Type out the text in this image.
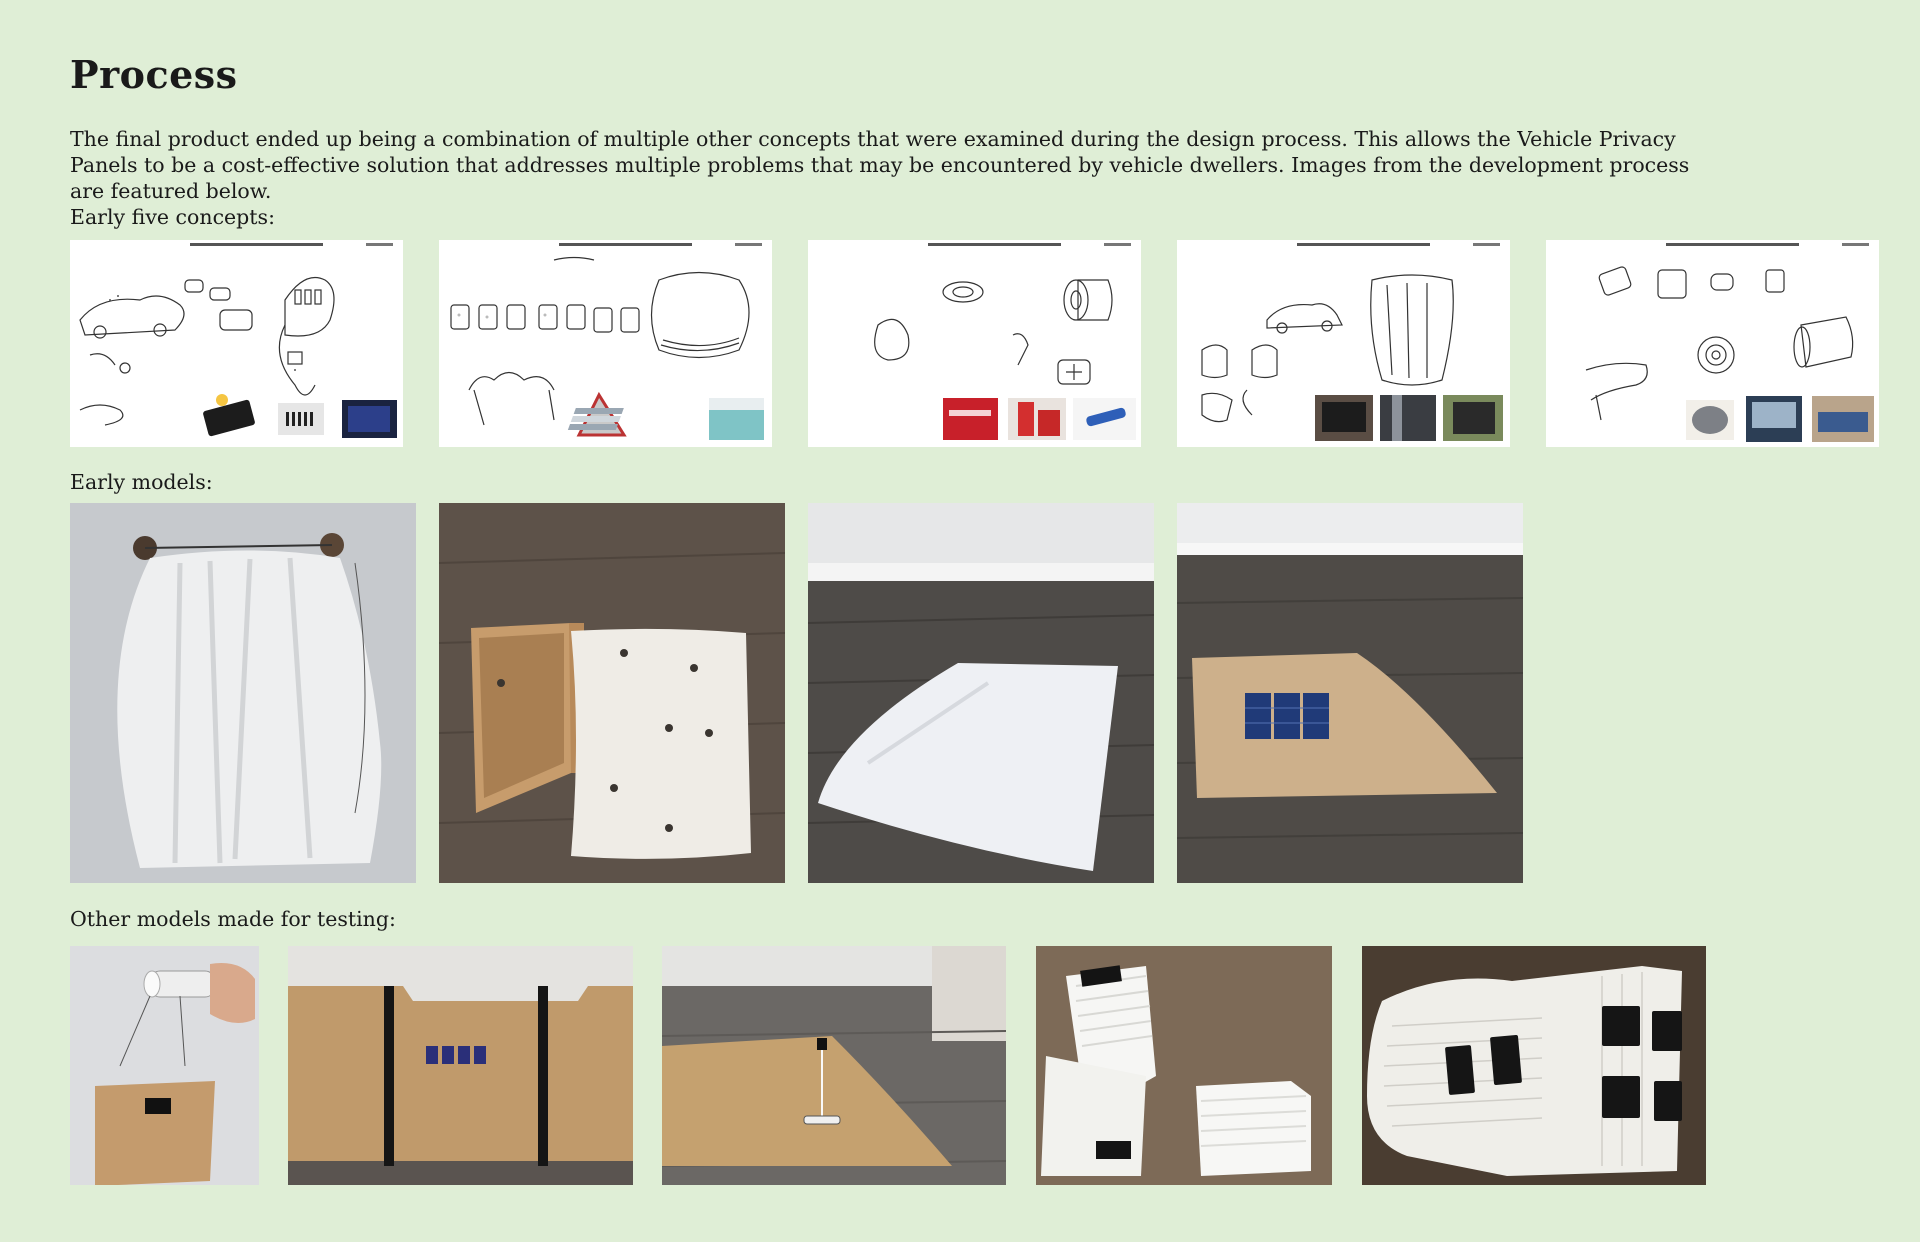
Process

The final product ended up being a combination of multiple other concepts that were examined during the design process. This allows the Vehicle Privacy Panels to be a cost-effective solution that addresses multiple problems that may be encountered by vehicle dwellers. Images from the development process are featured below.

Early five concepts:

Early models:

Other models made for testing:
